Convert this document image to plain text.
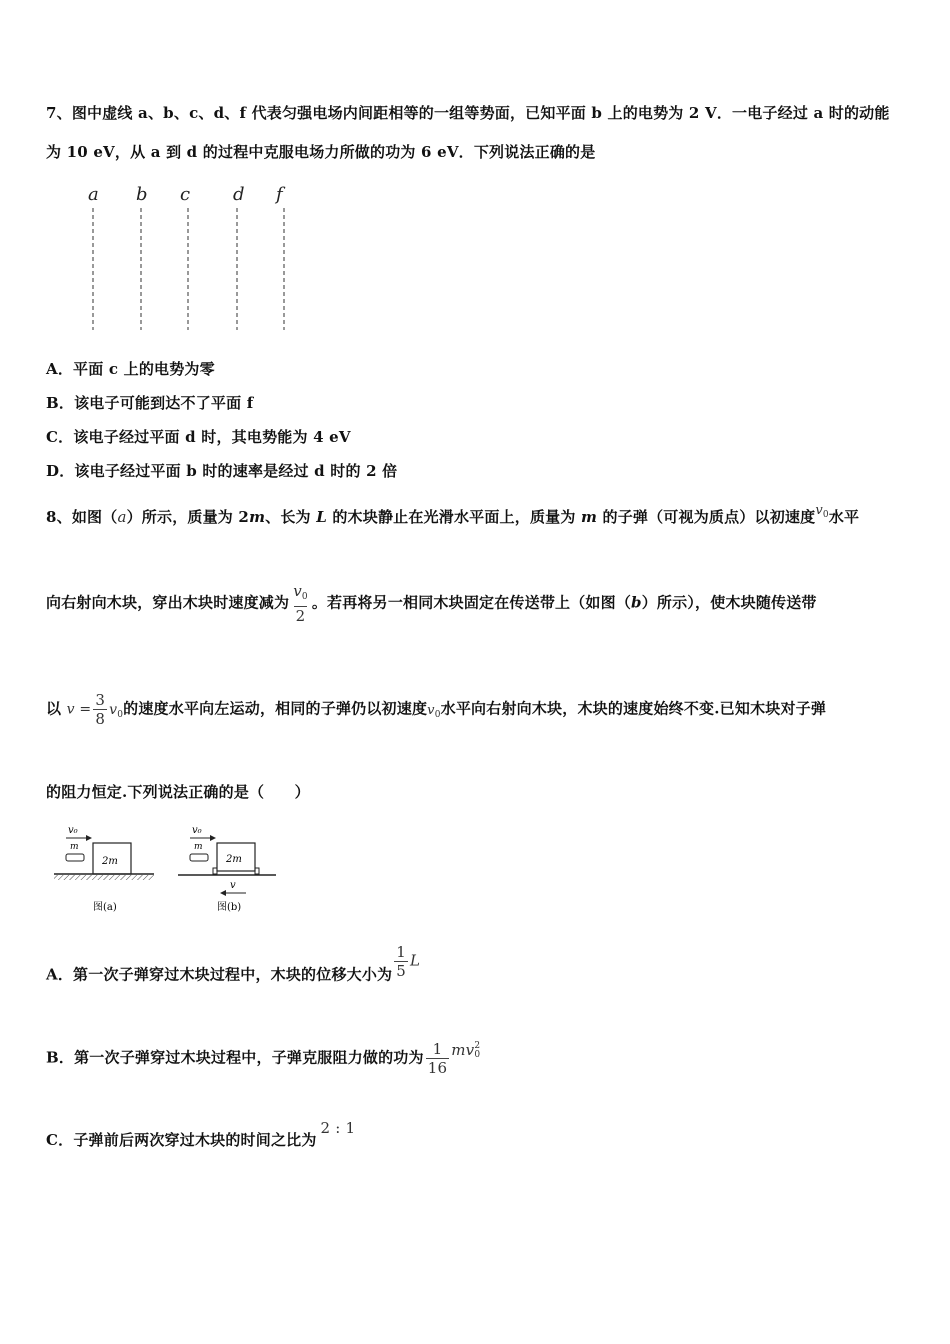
7、图中虚线 a、b、c、d、f 代表匀强电场内间距相等的一组等势面，已知平面 b 上的电势为 2 V．一电子经过 a 时的动能
为 10 eV，从 a 到 d 的过程中克服电场力所做的功为 6 eV．下列说法正确的是
a b c d f
A．平面 c 上的电势为零
B．该电子可能到达不了平面 f
C．该电子经过平面 d 时，其电势能为 4 eV
D．该电子经过平面 b 时的速率是经过 d 时的 2 倍
8、如图（a）所示，质量为 2m、长为 L 的木块静止在光滑水平面上，质量为 m 的子弹（可视为质点）以初速度$v_0$水平
向右射向木块，穿出木块时速度减为 $\frac{v_0}{2}$ 。若再将另一相同木块固定在传送带上（如图（b）所示），使木块随传送带
以 $v = \frac{3}{8} v_0$的速度水平向左运动，相同的子弹仍以初速度$v_0$水平向右射向木块，木块的速度始终不变.已知木块对子弹
的阻力恒定.下列说法正确的是（　　）
v₀
m
2m
图(a)
v₀
m
2m
v
图(b)
A．第一次子弹穿过木块过程中，木块的位移大小为 $\frac{1}{5}$ L
B．第一次子弹穿过木块过程中，子弹克服阻力做的功为 $\frac{1}{16}$ mv 2
0
C．子弹前后两次穿过木块的时间之比为2 : 1
